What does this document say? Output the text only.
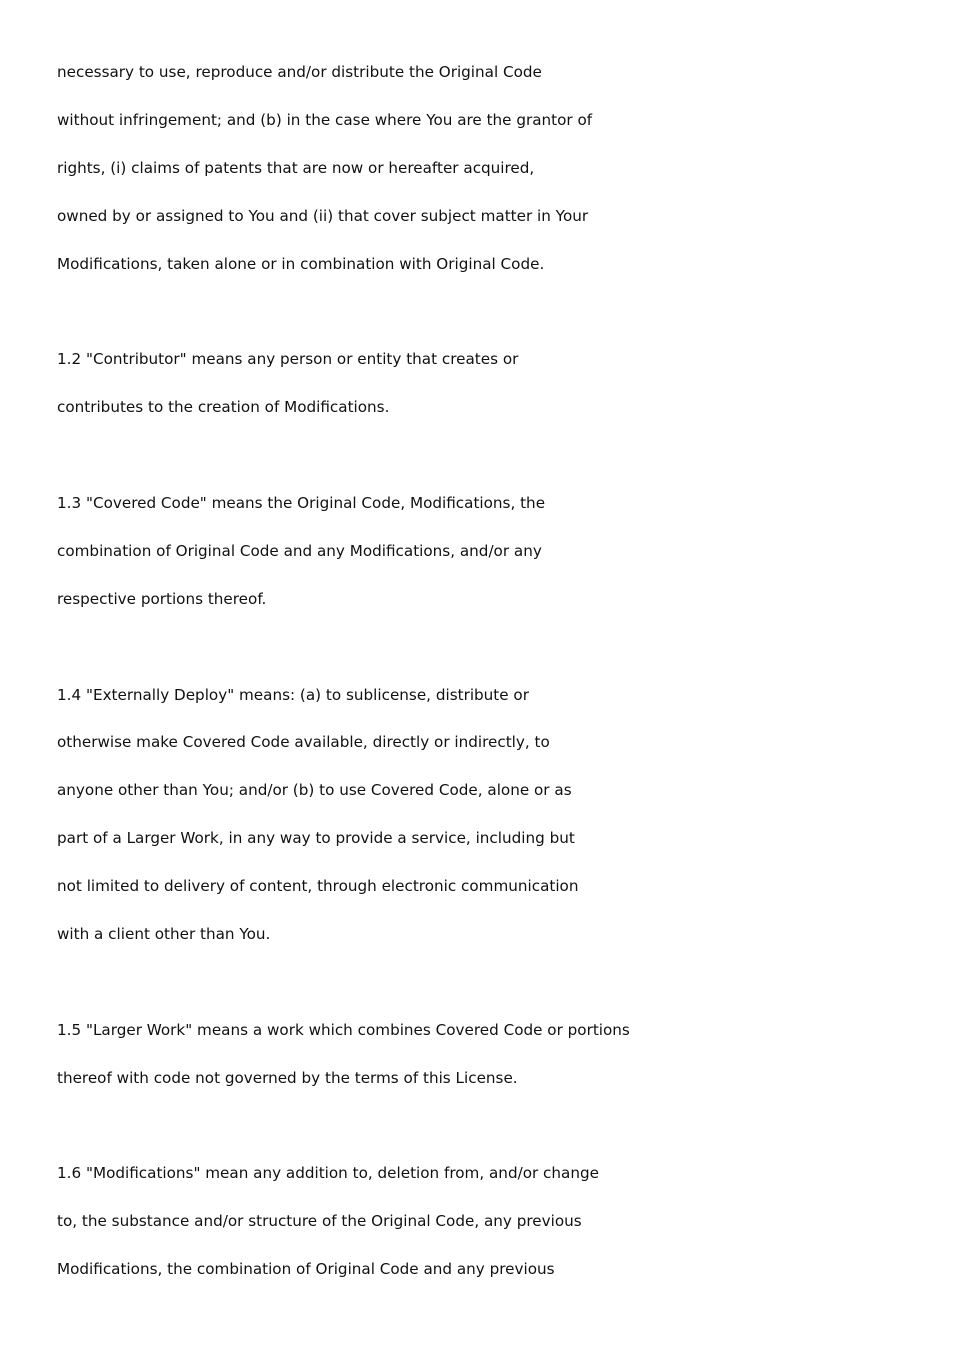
necessary to use, reproduce and/or distribute the Original Code
without infringement; and (b) in the case where You are the grantor of
rights, (i) claims of patents that are now or hereafter acquired,
owned by or assigned to You and (ii) that cover subject matter in Your
Modifications, taken alone or in combination with Original Code.
1.2 "Contributor" means any person or entity that creates or
contributes to the creation of Modifications.
1.3 "Covered Code" means the Original Code, Modifications, the
combination of Original Code and any Modifications, and/or any
respective portions thereof.
1.4 "Externally Deploy" means: (a) to sublicense, distribute or
otherwise make Covered Code available, directly or indirectly, to
anyone other than You; and/or (b) to use Covered Code, alone or as
part of a Larger Work, in any way to provide a service, including but
not limited to delivery of content, through electronic communication
with a client other than You.
1.5 "Larger Work" means a work which combines Covered Code or portions
thereof with code not governed by the terms of this License.
1.6 "Modifications" mean any addition to, deletion from, and/or change
to, the substance and/or structure of the Original Code, any previous
Modifications, the combination of Original Code and any previous
